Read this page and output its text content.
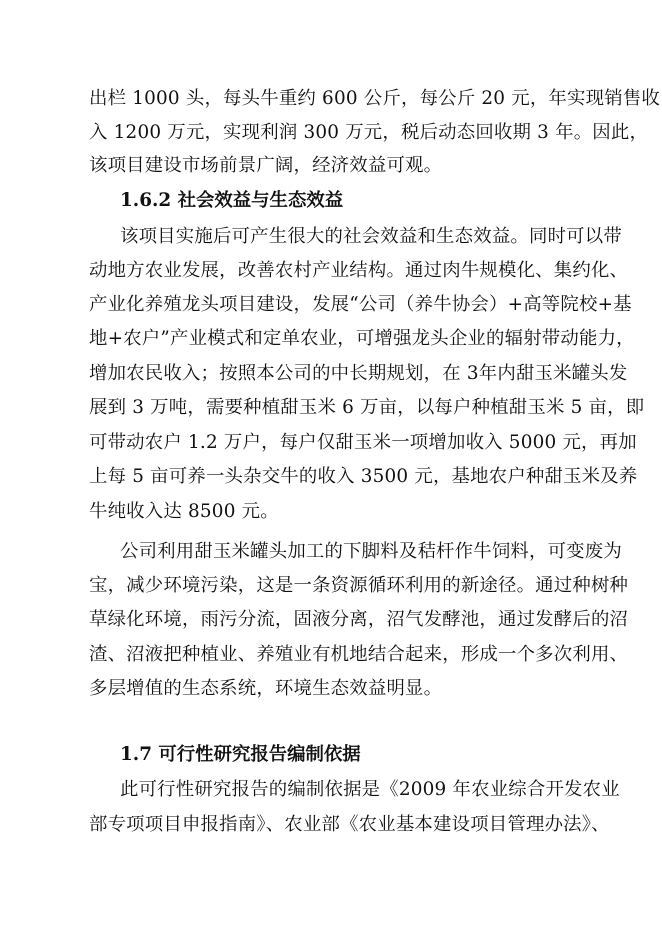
出栏 1000 头，每头牛重约 600 公斤，每公斤 20 元，年实现销售收
入 1200 万元，实现利润 300 万元，税后动态回收期 3 年。因此，
该项目建设市场前景广阔，经济效益可观。
1.6.2 社会效益与生态效益
该项目实施后可产生很大的社会效益和生态效益。同时可以带
动地方农业发展，改善农村产业结构。通过肉牛规模化、集约化、
产业化养殖龙头项目建设，发展“公司（养牛协会）+高等院校+基
地+农户”产业模式和定单农业，可增强龙头企业的辐射带动能力，
增加农民收入；按照本公司的中长期规划，在 3年内甜玉米罐头发
展到 3 万吨，需要种植甜玉米 6 万亩，以每户种植甜玉米 5 亩，即
可带动农户 1.2 万户，每户仅甜玉米一项增加收入 5000 元，再加
上每 5 亩可养一头杂交牛的收入 3500 元，基地农户种甜玉米及养
牛纯收入达 8500 元。
公司利用甜玉米罐头加工的下脚料及秸杆作牛饲料，可变废为
宝，减少环境污染，这是一条资源循环利用的新途径。通过种树种
草绿化环境，雨污分流，固液分离，沼气发酵池，通过发酵后的沼
渣、沼液把种植业、养殖业有机地结合起来，形成一个多次利用、
多层增值的生态系统，环境生态效益明显。
1.7 可行性研究报告编制依据
此可行性研究报告的编制依据是《2009 年农业综合开发农业
部专项项目申报指南》、农业部《农业基本建设项目管理办法》、
